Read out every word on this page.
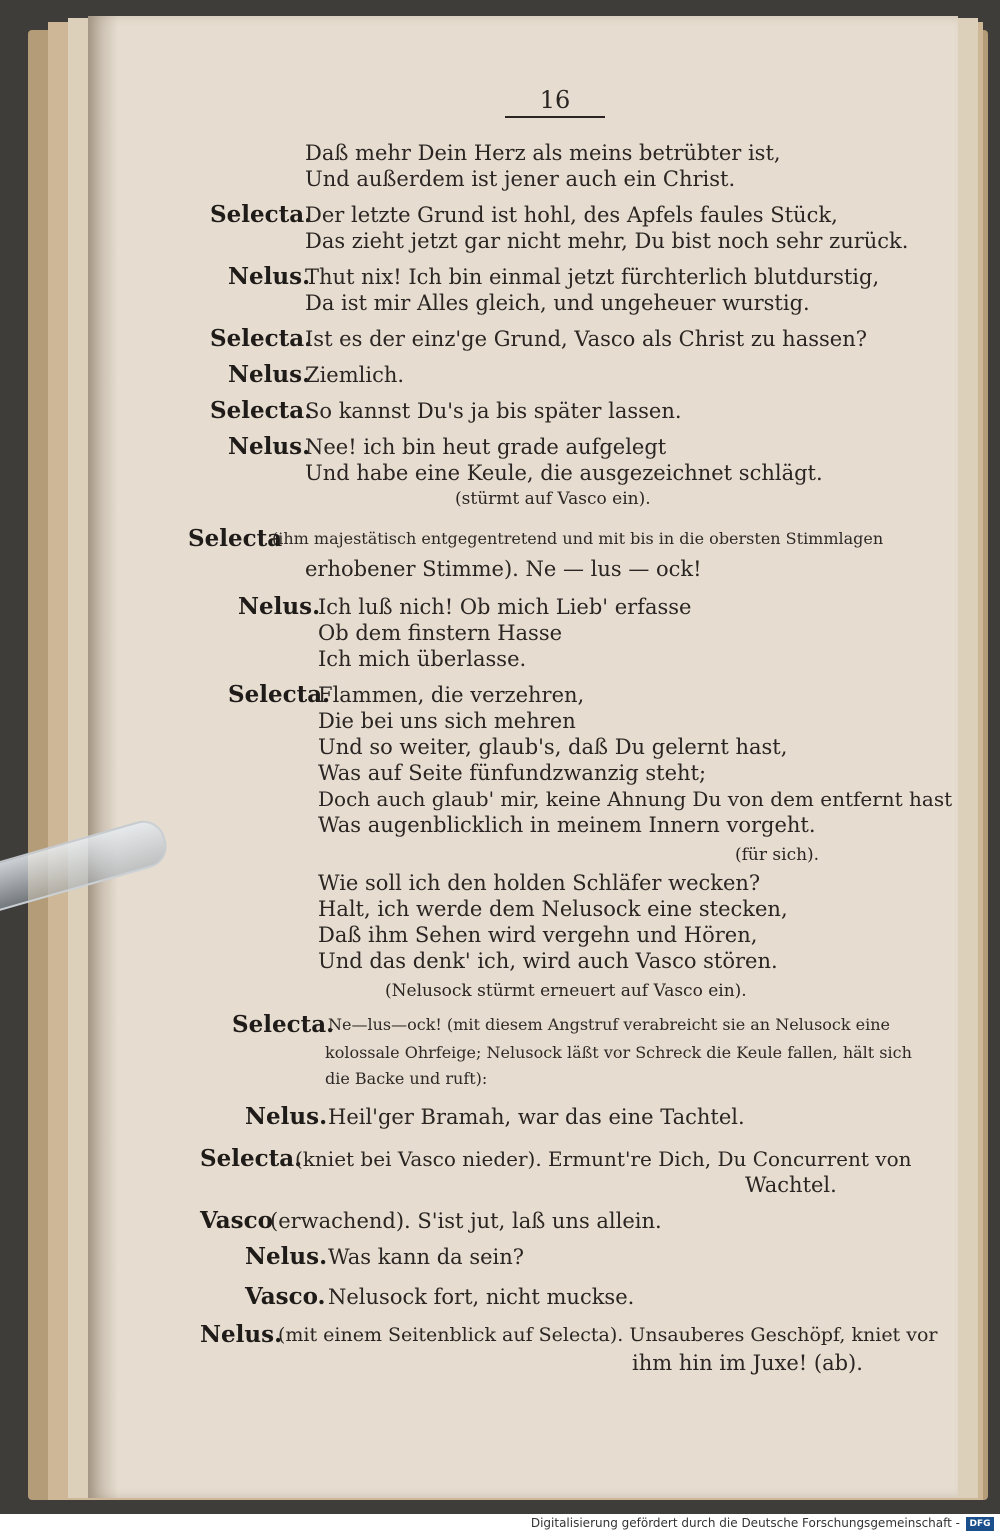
16
Daß mehr Dein Herz als meins betrübter ist,
Und außerdem ist jener auch ein Christ.
Selecta.
Der letzte Grund ist hohl, des Apfels faules Stück,
Das zieht jetzt gar nicht mehr, Du bist noch sehr zurück.
Nelus.
Thut nix! Ich bin einmal jetzt fürchterlich blutdurstig,
Da ist mir Alles gleich, und ungeheuer wurstig.
Selecta.
Ist es der einz'ge Grund, Vasco als Christ zu hassen?
Nelus.
Ziemlich.
Selecta.
So kannst Du's ja bis später lassen.
Nelus.
Nee! ich bin heut grade aufgelegt
Und habe eine Keule, die ausgezeichnet schlägt.
(stürmt auf Vasco ein).
Selecta
(ihm majestätisch entgegentretend und mit bis in die obersten Stimmlagen
erhobener Stimme). Ne — lus — ock!
Nelus.
Ich luß nich! Ob mich Lieb' erfasse
Ob dem finstern Hasse
Ich mich überlasse.
Selecta.
Flammen, die verzehren,
Die bei uns sich mehren
Und so weiter, glaub's, daß Du gelernt hast,
Was auf Seite fünfundzwanzig steht;
Doch auch glaub' mir, keine Ahnung Du von dem entfernt hast
Was augenblicklich in meinem Innern vorgeht.
(für sich).
Wie soll ich den holden Schläfer wecken?
Halt, ich werde dem Nelusock eine stecken,
Daß ihm Sehen wird vergehn und Hören,
Und das denk' ich, wird auch Vasco stören.
(Nelusock stürmt erneuert auf Vasco ein).
Selecta.
Ne—lus—ock! (mit diesem Angstruf verabreicht sie an Nelusock eine
kolossale Ohrfeige; Nelusock läßt vor Schreck die Keule fallen, hält sich
die Backe und ruft):
Nelus. Heil'ger Bramah, war das eine Tachtel.
Selecta.
(kniet bei Vasco nieder). Ermunt're Dich, Du Concurrent von
Wachtel.
Vasco
(erwachend). S'ist jut, laß uns allein.
Nelus. Was kann da sein?
Vasco. Nelusock fort, nicht muckse.
Nelus.
(mit einem Seitenblick auf Selecta). Unsauberes Geschöpf, kniet vor
ihm hin im Juxe! (ab).
Digitalisierung gefördert durch die Deutsche Forschungsgemeinschaft -	DFG
